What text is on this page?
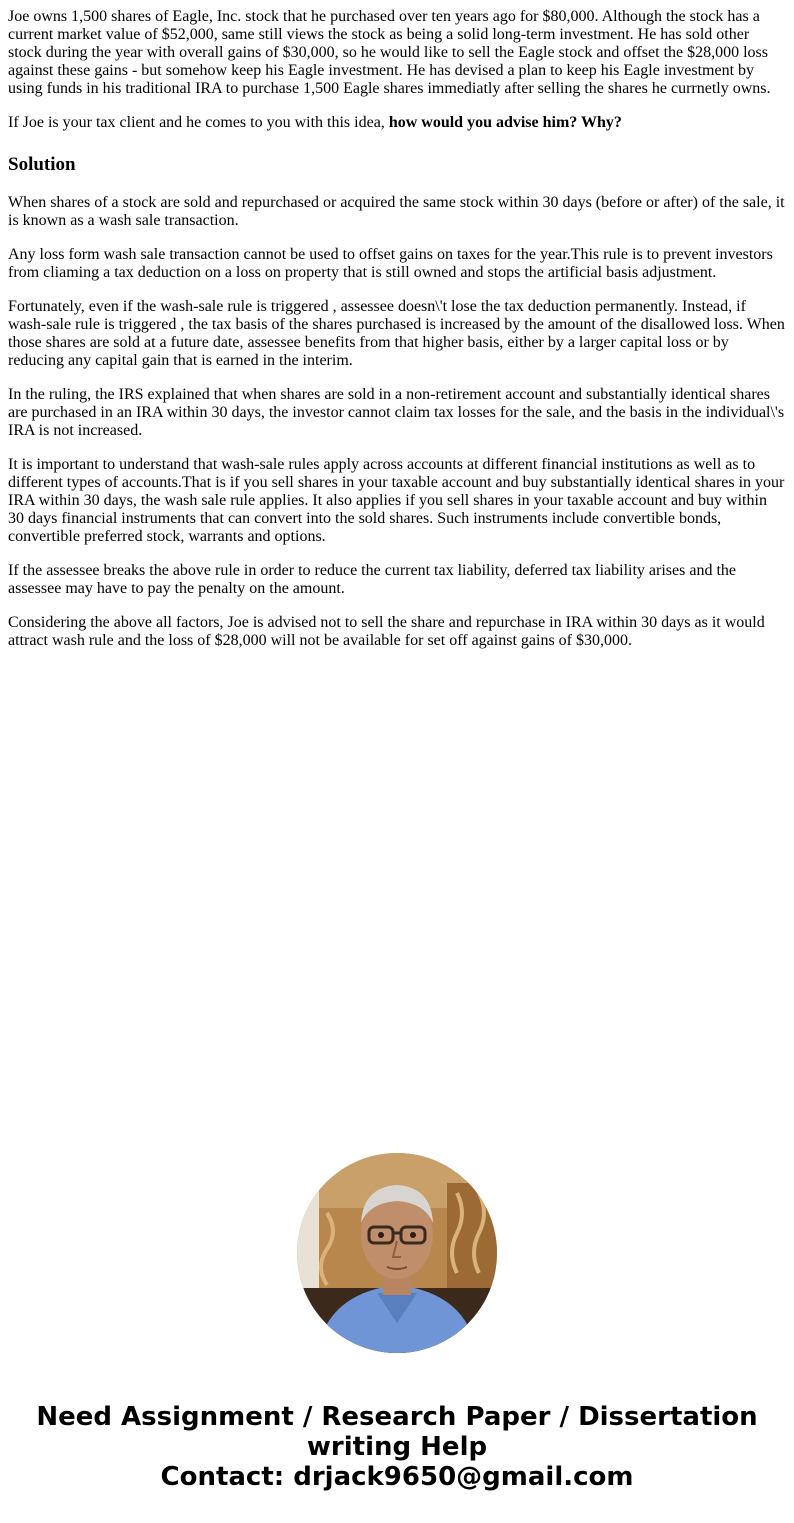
Joe owns 1,500 shares of Eagle, Inc. stock that he purchased over ten years ago for $80,000. Although the stock has a current market value of $52,000, same still views the stock as being a solid long-term investment. He has sold other stock during the year with overall gains of $30,000, so he would like to sell the Eagle stock and offset the $28,000 loss against these gains - but somehow keep his Eagle investment. He has devised a plan to keep his Eagle investment by using funds in his traditional IRA to purchase 1,500 Eagle shares immediatly after selling the shares he currnetly owns.

If Joe is your tax client and he comes to you with this idea, how would you advise him? Why?

Solution

When shares of a stock are sold and repurchased or acquired the same stock within 30 days (before or after) of the sale, it is known as a wash sale transaction.

Any loss form wash sale transaction cannot be used to offset gains on taxes for the year.This rule is to prevent investors from cliaming a tax deduction on a loss on property that is still owned and stops the artificial basis adjustment.

Fortunately, even if the wash-sale rule is triggered , assessee doesn\'t lose the tax deduction permanently. Instead, if wash-sale rule is triggered , the tax basis of the shares purchased is increased by the amount of the disallowed loss. When those shares are sold at a future date, assessee benefits from that higher basis, either by a larger capital loss or by reducing any capital gain that is earned in the interim.

In the ruling, the IRS explained that when shares are sold in a non-retirement account and substantially identical shares are purchased in an IRA within 30 days, the investor cannot claim tax losses for the sale, and the basis in the individual\'s IRA is not increased.

It is important to understand that wash-sale rules apply across accounts at different financial institutions as well as to different types of accounts.That is if you sell shares in your taxable account and buy substantially identical shares in your IRA within 30 days, the wash sale rule applies. It also applies if you sell shares in your taxable account and buy within 30 days financial instruments that can convert into the sold shares. Such instruments include convertible bonds, convertible preferred stock, warrants and options.

If the assessee breaks the above rule in order to reduce the current tax liability, deferred tax liability arises and the assessee may have to pay the penalty on the amount.

Considering the above all factors, Joe is advised not to sell the share and repurchase in IRA within 30 days as it would attract wash rule and the loss of $28,000 will not be available for set off against gains of $30,000.

Need Assignment / Research Paper / Dissertation
writing Help
Contact: drjack9650@gmail.com
